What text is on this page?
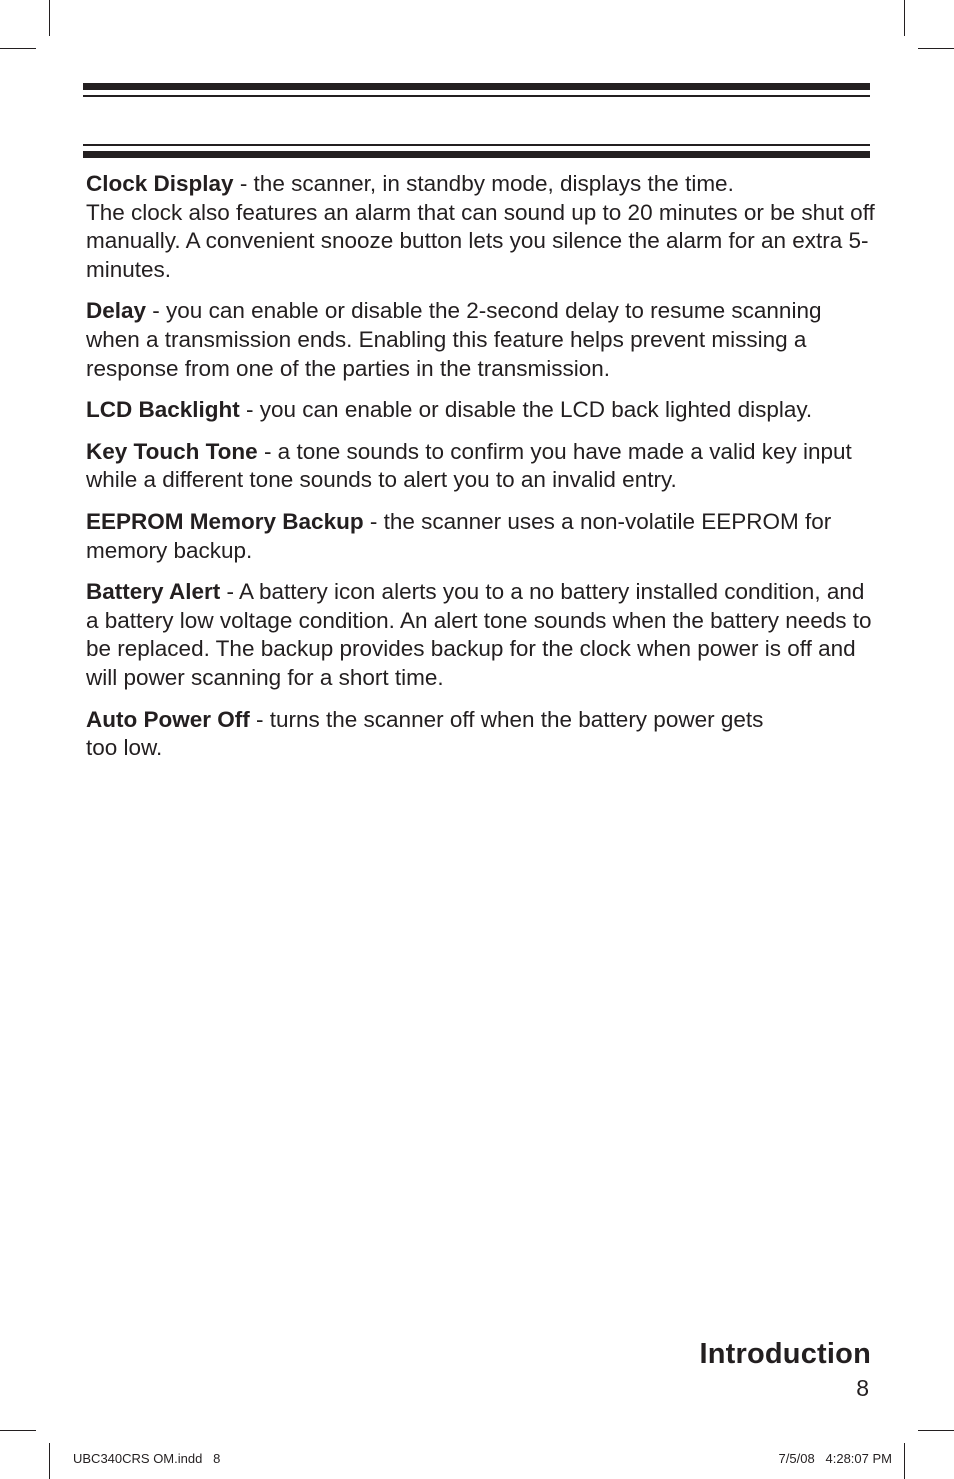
Clock Display - the scanner, in standby mode, displays the time.
The clock also features an alarm that can sound up to 20 minutes or be shut off manually. A convenient snooze button lets you silence the alarm for an extra 5-minutes.

Delay - you can enable or disable the 2-second delay to resume scanning when a transmission ends. Enabling this feature helps prevent missing a response from one of the parties in the transmission.

LCD Backlight - you can enable or disable the LCD back lighted display.

Key Touch Tone - a tone sounds to confirm you have made a valid key input while a different tone sounds to alert you to an invalid entry.

EEPROM Memory Backup - the scanner uses a non-volatile EEPROM for memory backup.

Battery Alert - A battery icon alerts you to a no battery installed condition, and a battery low voltage condition. An alert tone sounds when the battery needs to be replaced. The backup provides backup for the clock when power is off and will power scanning for a short time.

Auto Power Off - turns the scanner off when the battery power gets
too low.

Introduction
8
UBC340CRS OM.indd   8	7/5/08   4:28:07 PM
